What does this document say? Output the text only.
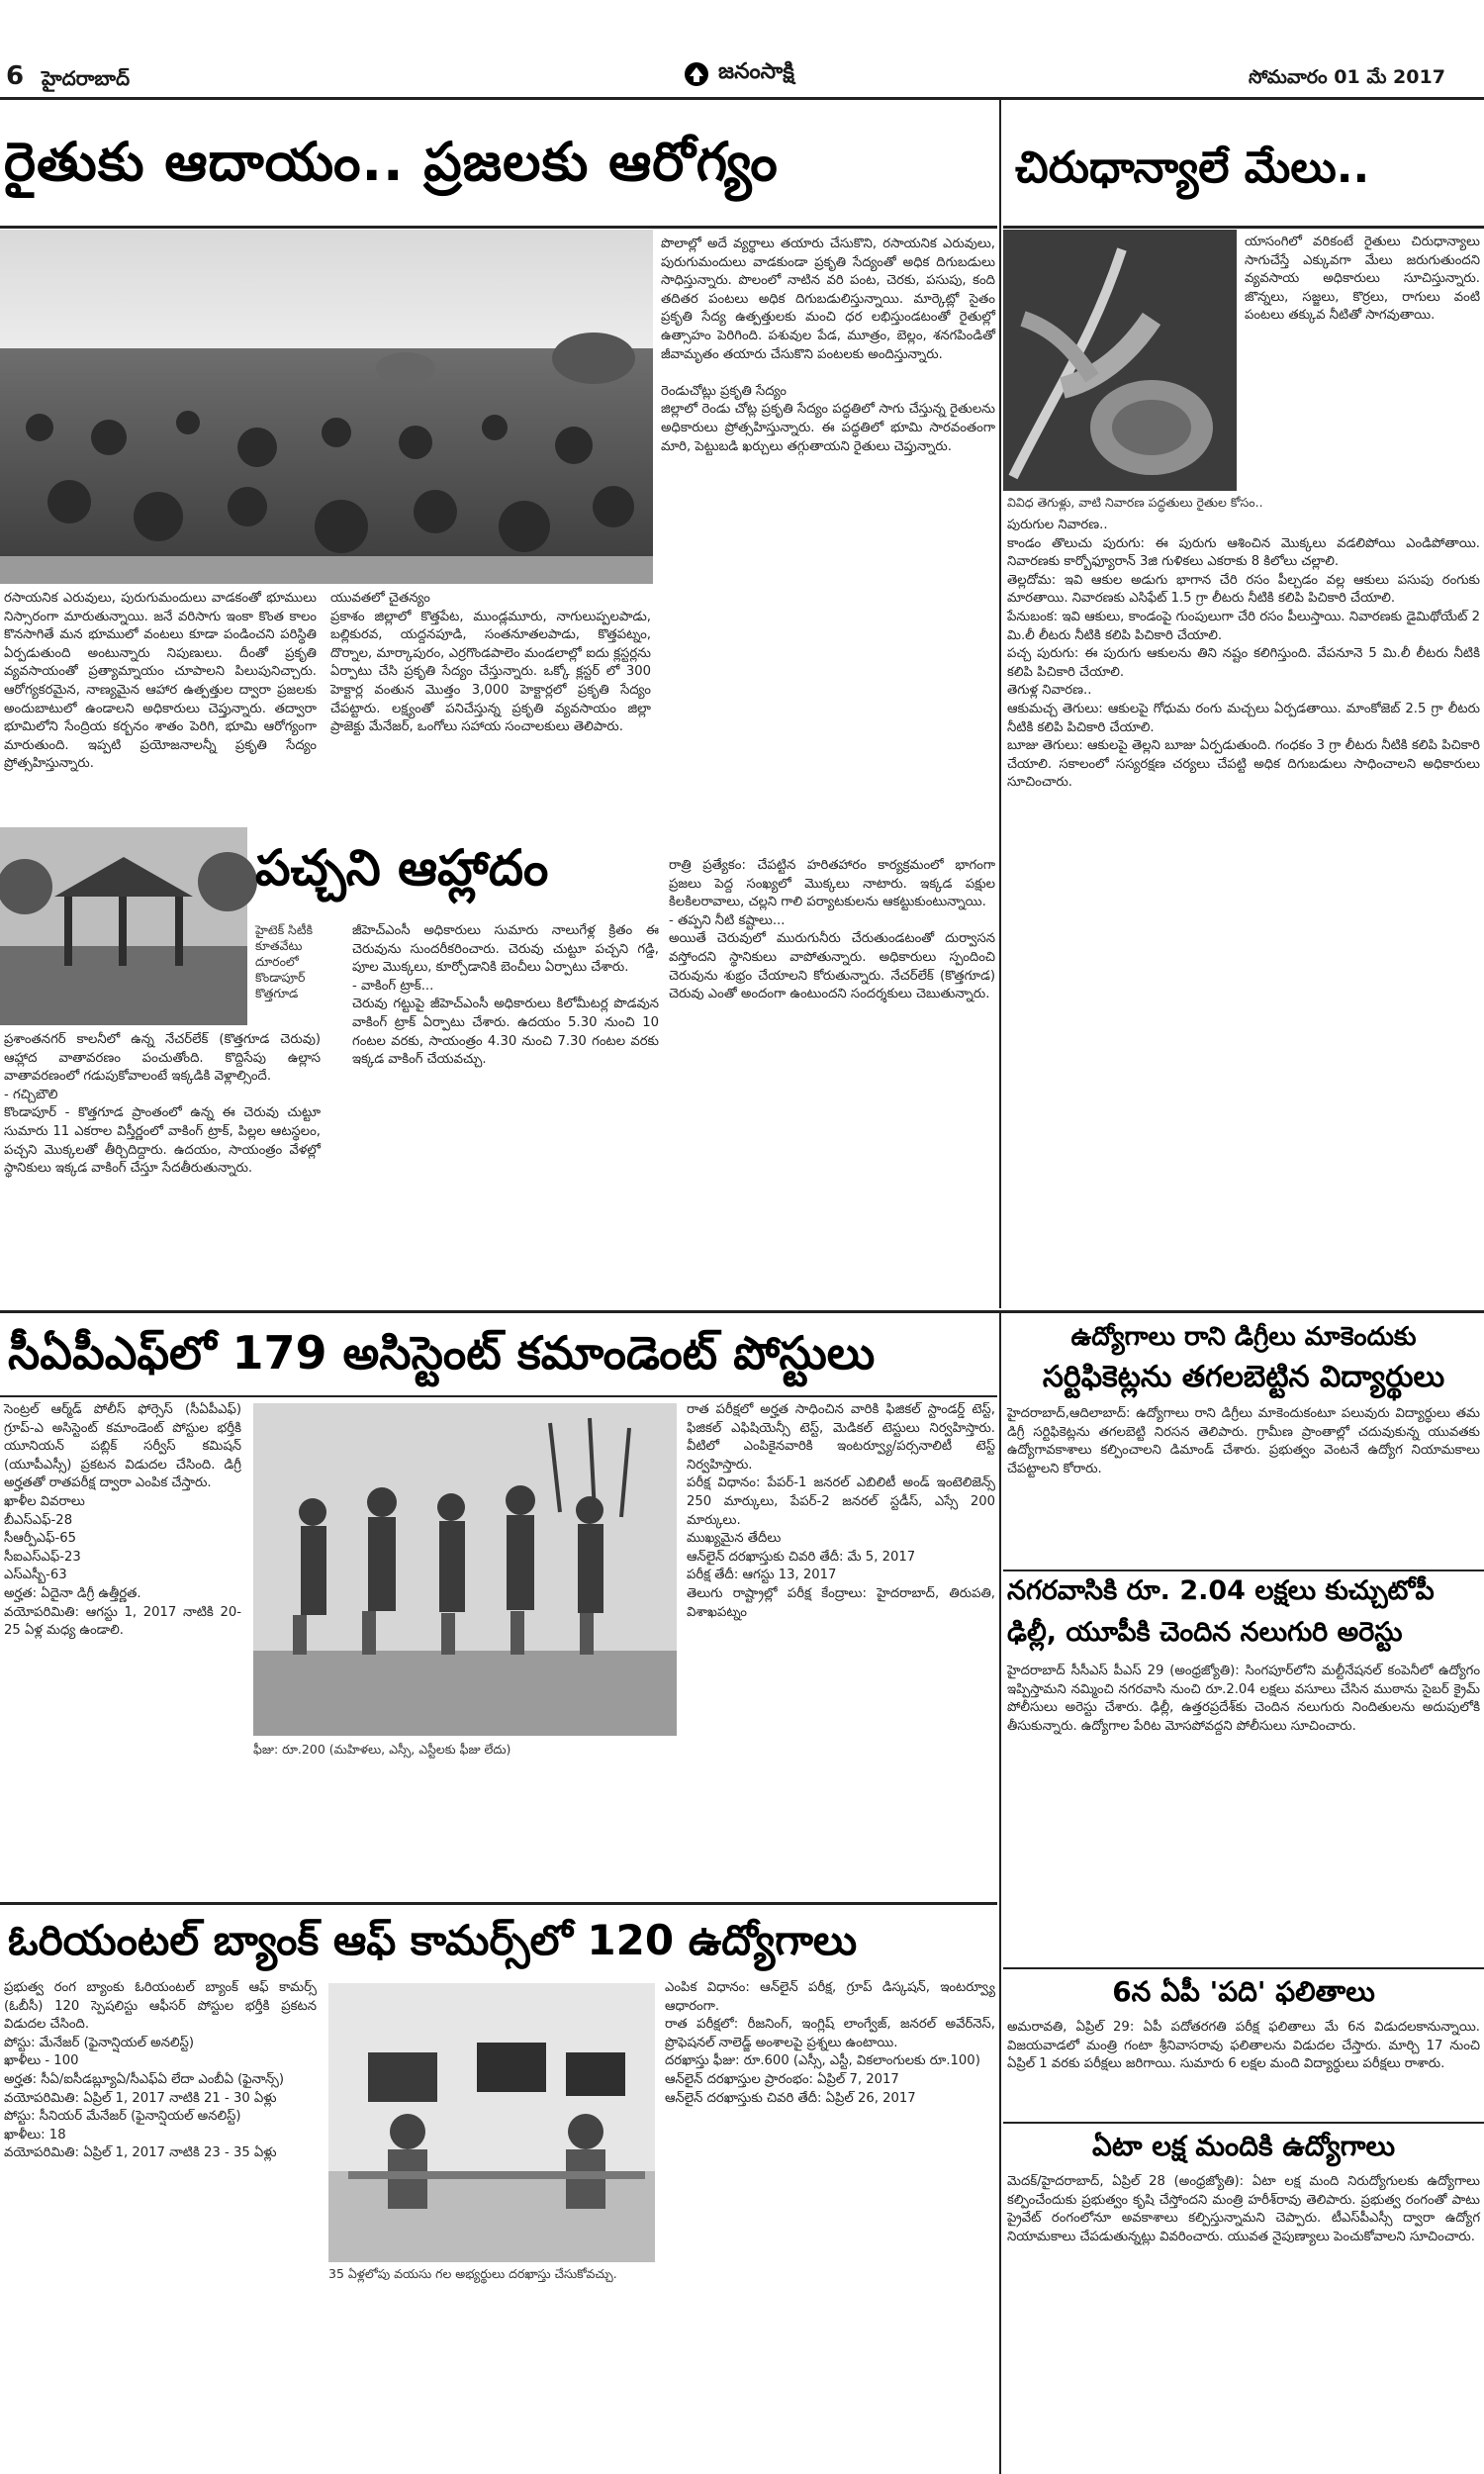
6 హైదరాబాద్	జనంసాక్షి	సోమవారం 01 మే 2017
రైతుకు ఆదాయం.. ప్రజలకు ఆరోగ్యం
రసాయనిక ఎరువులు, పురుగుమందులు వాడకంతో భూములు నిస్సారంగా మారుతున్నాయి. జనే వరిసాగు ఇంకా కొంత కాలం కొనసాగితే మన భూములో వంటలు కూడా పండించని పరిస్థితి ఏర్పడుతుంది అంటున్నారు నిపుణులు. దీంతో ప్రకృతి వ్యవసాయంతో ప్రత్యామ్నాయం చూపాలని పిలుపునిచ్చారు. ఆరోగ్యకరమైన, నాణ్యమైన ఆహార ఉత్పత్తుల ద్వారా ప్రజలకు అందుబాటులో ఉండాలని అధికారులు చెప్తున్నారు. తద్వారా భూమిలోని సేంద్రియ కర్బనం శాతం పెరిగి, భూమి ఆరోగ్యంగా మారుతుంది. ఇప్పటి ప్రయోజనాలన్నీ ప్రకృతి సేద్యం ప్రోత్సహిస్తున్నారు.
యువతలో చైతన్యం
ప్రకాశం జిల్లాలో కొత్తపేట, ముండ్లమూరు, నాగులుప్పలపాడు, బల్లికురవ, యద్దనపూడి, సంతనూతలపాడు, కొత్తపట్నం, దొర్నాల, మార్కాపురం, ఎర్రగొండపాలెం మండలాల్లో ఐదు క్లస్టర్లను ఏర్పాటు చేసి ప్రకృతి సేద్యం చేస్తున్నారు. ఒక్కో క్లస్టర్ లో 300 హెక్టార్ల వంతున మొత్తం 3,000 హెక్టార్లలో ప్రకృతి సేద్యం చేపట్టారు. లక్ష్యంతో పనిచేస్తున్న ప్రకృతి వ్యవసాయం జిల్లా ప్రాజెక్టు మేనేజర్, ఒంగోలు సహాయ సంచాలకులు తెలిపారు.
పొలాల్లో అదే వ్యర్థాలు తయారు చేసుకొని, రసాయనిక ఎరువులు, పురుగుమందులు వాడకుండా ప్రకృతి సేద్యంతో అధిక దిగుబడులు సాధిస్తున్నారు. పొలంలో నాటిన వరి పంట, చెరకు, పసుపు, కంది తదితర పంటలు అధిక దిగుబడులిస్తున్నాయి. మార్కెట్లో సైతం ప్రకృతి సేద్య ఉత్పత్తులకు మంచి ధర లభిస్తుండటంతో రైతుల్లో ఉత్సాహం పెరిగింది. పశువుల పేడ, మూత్రం, బెల్లం, శనగపిండితో జీవామృతం తయారు చేసుకొని పంటలకు అందిస్తున్నారు.

రెండుచోట్లు ప్రకృతి సేద్యం
జిల్లాలో రెండు చోట్ల ప్రకృతి సేద్యం పద్ధతిలో సాగు చేస్తున్న రైతులను అధికారులు ప్రోత్సహిస్తున్నారు. ఈ పద్ధతిలో భూమి సారవంతంగా మారి, పెట్టుబడి ఖర్చులు తగ్గుతాయని రైతులు చెప్తున్నారు.
పచ్చని ఆహ్లాదం
హైటెక్ సిటీకి కూతవేటు దూరంలో కొండాపూర్ కొత్తగూడ
ప్రశాంతనగర్ కాలనీలో ఉన్న నేచర్‌లేక్ (కొత్తగూడ చెరువు) ఆహ్లాద వాతావరణం పంచుతోంది. కొద్దిసేపు ఉల్లాస వాతావరణంలో గడుపుకోవాలంటే ఇక్కడికి వెళ్లాల్సిందే.
- గచ్చిబౌలి
కొండాపూర్ - కొత్తగూడ ప్రాంతంలో ఉన్న ఈ చెరువు చుట్టూ సుమారు 11 ఎకరాల విస్తీర్ణంలో వాకింగ్ ట్రాక్, పిల్లల ఆటస్థలం, పచ్చని మొక్కలతో తీర్చిదిద్దారు. ఉదయం, సాయంత్రం వేళల్లో స్థానికులు ఇక్కడ వాకింగ్ చేస్తూ సేదతీరుతున్నారు.
జీహెచ్ఎంసీ అధికారులు సుమారు నాలుగేళ్ల క్రితం ఈ చెరువును సుందరీకరించారు. చెరువు చుట్టూ పచ్చని గడ్డి, పూల మొక్కలు, కూర్చోడానికి బెంచీలు ఏర్పాటు చేశారు.
- వాకింగ్ ట్రాక్...
చెరువు గట్టుపై జీహెచ్ఎంసీ అధికారులు కిలోమీటర్ల పొడవున వాకింగ్ ట్రాక్ ఏర్పాటు చేశారు. ఉదయం 5.30 నుంచి 10 గంటల వరకు, సాయంత్రం 4.30 నుంచి 7.30 గంటల వరకు ఇక్కడ వాకింగ్ చేయవచ్చు.
రాత్రి ప్రత్యేకం: చేపట్టిన హరితహారం కార్యక్రమంలో భాగంగా ప్రజలు పెద్ద సంఖ్యలో మొక్కలు నాటారు. ఇక్కడ పక్షుల కిలకిలరావాలు, చల్లని గాలి పర్యాటకులను ఆకట్టుకుంటున్నాయి.
- తప్పని నీటి కష్టాలు...
అయితే చెరువులో మురుగునీరు చేరుతుండటంతో దుర్వాసన వస్తోందని స్థానికులు వాపోతున్నారు. అధికారులు స్పందించి చెరువును శుభ్రం చేయాలని కోరుతున్నారు. నేచర్‌లేక్ (కొత్తగూడ) చెరువు ఎంతో అందంగా ఉంటుందని సందర్శకులు చెబుతున్నారు.
చిరుధాన్యాలే మేలు..
యాసంగిలో వరికంటే రైతులు చిరుధాన్యాలు సాగుచేస్తే ఎక్కువగా మేలు జరుగుతుందని వ్యవసాయ అధికారులు సూచిస్తున్నారు. జొన్నలు, సజ్జలు, కొర్రలు, రాగులు వంటి పంటలు తక్కువ నీటితో సాగవుతాయి.
వివిధ తెగుళ్లు, వాటి నివారణ పద్ధతులు రైతుల కోసం..
పురుగుల నివారణ..
కాండం తొలుచు పురుగు: ఈ పురుగు ఆశించిన మొక్కలు వడలిపోయి ఎండిపోతాయి. నివారణకు కార్బోఫ్యూరాన్ 3జి గుళికలు ఎకరాకు 8 కిలోలు చల్లాలి.
తెల్లదోమ: ఇవి ఆకుల అడుగు భాగాన చేరి రసం పీల్చడం వల్ల ఆకులు పసుపు రంగుకు మారతాయి. నివారణకు ఎసిఫేట్ 1.5 గ్రా లీటరు నీటికి కలిపి పిచికారి చేయాలి.
పేనుబంక: ఇవి ఆకులు, కాండంపై గుంపులుగా చేరి రసం పీలుస్తాయి. నివారణకు డైమిథోయేట్ 2 మి.లీ లీటరు నీటికి కలిపి పిచికారి చేయాలి.
పచ్చ పురుగు: ఈ పురుగు ఆకులను తిని నష్టం కలిగిస్తుంది. వేపనూనె 5 మి.లీ లీటరు నీటికి కలిపి పిచికారి చేయాలి.
తెగుళ్ల నివారణ..
ఆకుమచ్చ తెగులు: ఆకులపై గోధుమ రంగు మచ్చలు ఏర్పడతాయి. మాంకోజెబ్ 2.5 గ్రా లీటరు నీటికి కలిపి పిచికారి చేయాలి.
బూజు తెగులు: ఆకులపై తెల్లని బూజు ఏర్పడుతుంది. గంధకం 3 గ్రా లీటరు నీటికి కలిపి పిచికారి చేయాలి. సకాలంలో సస్యరక్షణ చర్యలు చేపట్టి అధిక దిగుబడులు సాధించాలని అధికారులు సూచించారు.
సీఏపీఎఫ్‌లో 179 అసిస్టెంట్ కమాండెంట్ పోస్టులు
సెంట్రల్ ఆర్మ్‌డ్ పోలీస్ ఫోర్సెస్ (సీఏపీఎఫ్) గ్రూప్-ఎ అసిస్టెంట్ కమాండెంట్ పోస్టుల భర్తీకి యూనియన్ పబ్లిక్ సర్వీస్ కమిషన్ (యూపీఎస్సీ) ప్రకటన విడుదల చేసింది. డిగ్రీ అర్హతతో రాతపరీక్ష ద్వారా ఎంపిక చేస్తారు.
ఖాళీల వివరాలు
బీఎస్ఎఫ్-28
సీఆర్పీఎఫ్-65
సీఐఎస్ఎఫ్-23
ఎస్ఎస్బీ-63
అర్హత: ఏదైనా డిగ్రీ ఉత్తీర్ణత.
వయోపరిమితి: ఆగస్టు 1, 2017 నాటికి 20-25 ఏళ్ల మధ్య ఉండాలి.
ఫీజు: రూ.200 (మహిళలు, ఎస్సీ, ఎస్టీలకు ఫీజు లేదు)
రాత పరీక్షలో అర్హత సాధించిన వారికి ఫిజికల్ స్టాండర్డ్ టెస్ట్, ఫిజికల్ ఎఫిషియెన్సీ టెస్ట్, మెడికల్ టెస్టులు నిర్వహిస్తారు. వీటిలో ఎంపికైనవారికి ఇంటర్వ్యూ/పర్సనాలిటీ టెస్ట్ నిర్వహిస్తారు.
పరీక్ష విధానం: పేపర్-1 జనరల్ ఎబిలిటీ అండ్ ఇంటెలిజెన్స్ 250 మార్కులు, పేపర్-2 జనరల్ స్టడీస్, ఎస్సే 200 మార్కులు.
ముఖ్యమైన తేదీలు
ఆన్‌లైన్ దరఖాస్తుకు చివరి తేదీ: మే 5, 2017
పరీక్ష తేదీ: ఆగస్టు 13, 2017
తెలుగు రాష్ట్రాల్లో పరీక్ష కేంద్రాలు: హైదరాబాద్, తిరుపతి, విశాఖపట్నం
ఉద్యోగాలు రాని డిగ్రీలు మాకెందుకు
సర్టిఫికెట్లను తగలబెట్టిన విద్యార్థులు
హైదరాబాద్,ఆదిలాబాద్: ఉద్యోగాలు రాని డిగ్రీలు మాకెందుకంటూ పలువురు విద్యార్థులు తమ డిగ్రీ సర్టిఫికెట్లను తగలబెట్టి నిరసన తెలిపారు. గ్రామీణ ప్రాంతాల్లో చదువుకున్న యువతకు ఉద్యోగావకాశాలు కల్పించాలని డిమాండ్ చేశారు. ప్రభుత్వం వెంటనే ఉద్యోగ నియామకాలు చేపట్టాలని కోరారు.
నగరవాసికి రూ. 2.04 లక్షలు కుచ్చుటోపీ
ఢిల్లీ, యూపీకి చెందిన నలుగురి అరెస్టు
హైదరాబాద్ సీసీఎస్ పీఎస్ 29 (అంధ్రజ్యోతి): సింగపూర్‌లోని మల్టీనేషనల్ కంపెనీలో ఉద్యోగం ఇప్పిస్తామని నమ్మించి నగరవాసి నుంచి రూ.2.04 లక్షలు వసూలు చేసిన ముఠాను సైబర్ క్రైమ్ పోలీసులు అరెస్టు చేశారు. ఢిల్లీ, ఉత్తరప్రదేశ్‌కు చెందిన నలుగురు నిందితులను అదుపులోకి తీసుకున్నారు. ఉద్యోగాల పేరిట మోసపోవద్దని పోలీసులు సూచించారు.
ఓరియంటల్ బ్యాంక్ ఆఫ్ కామర్స్‌లో 120 ఉద్యోగాలు
ప్రభుత్వ రంగ బ్యాంకు ఓరియంటల్ బ్యాంక్ ఆఫ్ కామర్స్ (ఓబీసీ) 120 స్పెషలిస్టు ఆఫీసర్ పోస్టుల భర్తీకి ప్రకటన విడుదల చేసింది.
పోస్టు: మేనేజర్ (ఫైనాన్షియల్ అనలిస్ట్)
ఖాళీలు - 100
అర్హత: సీఏ/ఐసీడబ్ల్యూఏ/సీఎఫ్ఏ లేదా ఎంబీఏ (ఫైనాన్స్)
వయోపరిమితి: ఏప్రిల్ 1, 2017 నాటికి 21 - 30 ఏళ్లు
పోస్టు: సీనియర్ మేనేజర్ (ఫైనాన్షియల్ అనలిస్ట్)
ఖాళీలు: 18
వయోపరిమితి: ఏప్రిల్ 1, 2017 నాటికి 23 - 35 ఏళ్లు
35 ఏళ్లలోపు వయసు గల అభ్యర్థులు దరఖాస్తు చేసుకోవచ్చు.
ఎంపిక విధానం: ఆన్‌లైన్ పరీక్ష, గ్రూప్ డిస్కషన్, ఇంటర్వ్యూ ఆధారంగా.
రాత పరీక్షలో: రీజనింగ్, ఇంగ్లిష్ లాంగ్వేజ్, జనరల్ అవేర్‌నెస్, ప్రొఫెషనల్ నాలెడ్జ్ అంశాలపై ప్రశ్నలు ఉంటాయి.
దరఖాస్తు ఫీజు: రూ.600 (ఎస్సీ, ఎస్టీ, వికలాంగులకు రూ.100)
ఆన్‌లైన్ దరఖాస్తుల ప్రారంభం: ఏప్రిల్ 7, 2017
ఆన్‌లైన్ దరఖాస్తుకు చివరి తేదీ: ఏప్రిల్ 26, 2017
6న ఏపీ 'పది' ఫలితాలు
అమరావతి, ఏప్రిల్ 29: ఏపీ పదోతరగతి పరీక్ష ఫలితాలు మే 6న విడుదలకానున్నాయి. విజయవాడలో మంత్రి గంటా శ్రీనివాసరావు ఫలితాలను విడుదల చేస్తారు. మార్చి 17 నుంచి ఏప్రిల్ 1 వరకు పరీక్షలు జరిగాయి. సుమారు 6 లక్షల మంది విద్యార్థులు పరీక్షలు రాశారు.
ఏటా లక్ష మందికి ఉద్యోగాలు
మెదక్/హైదరాబాద్, ఏప్రిల్ 28 (అంధ్రజ్యోతి): ఏటా లక్ష మంది నిరుద్యోగులకు ఉద్యోగాలు కల్పించేందుకు ప్రభుత్వం కృషి చేస్తోందని మంత్రి హరీశ్‌రావు తెలిపారు. ప్రభుత్వ రంగంతో పాటు ప్రైవేట్ రంగంలోనూ అవకాశాలు కల్పిస్తున్నామని చెప్పారు. టీఎస్‌పీఎస్సీ ద్వారా ఉద్యోగ నియామకాలు చేపడుతున్నట్లు వివరించారు. యువత నైపుణ్యాలు పెంచుకోవాలని సూచించారు.
